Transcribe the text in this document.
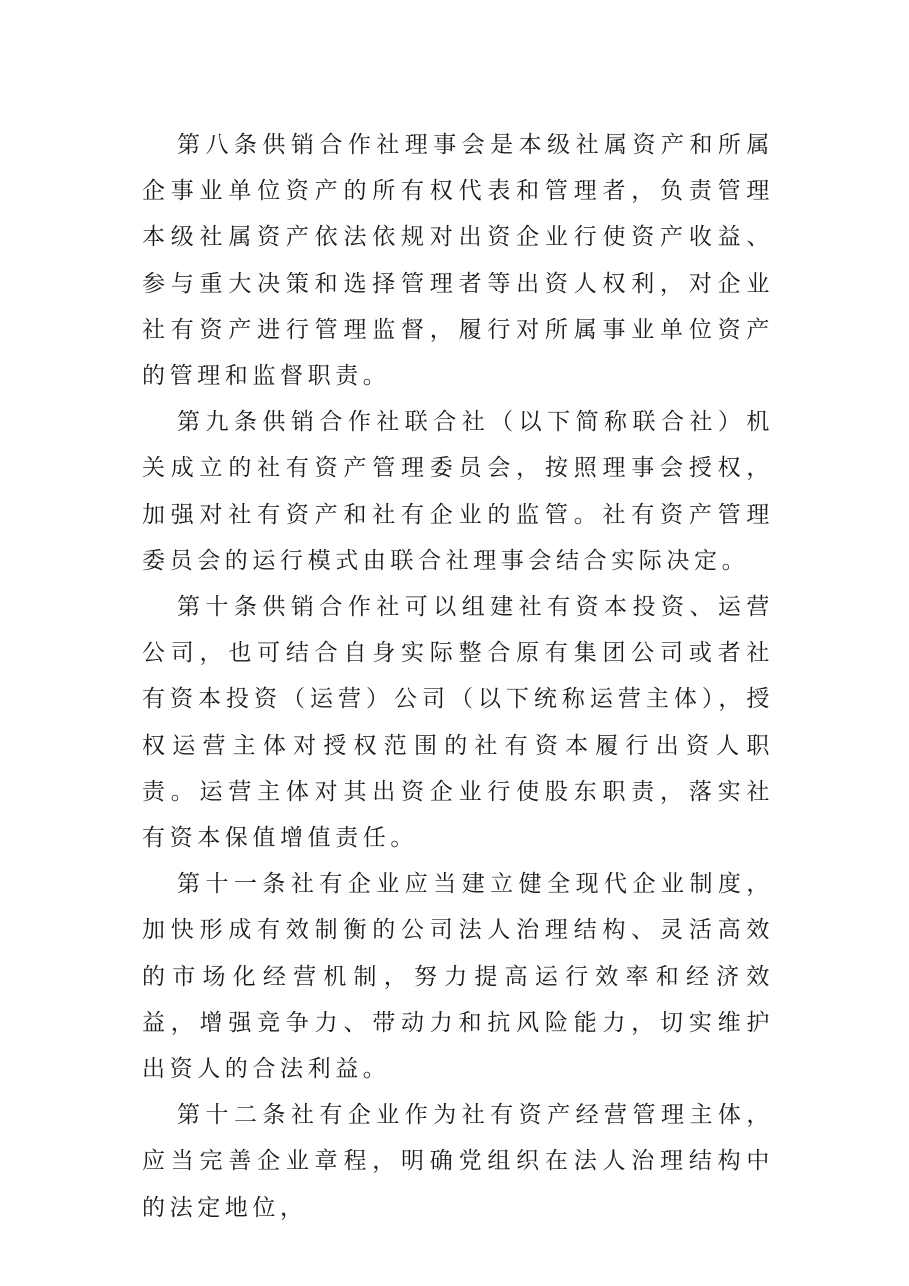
第八条供销合作社理事会是本级社属资产和所属企事业单位资产的所有权代表和管理者，负责管理本级社属资产依法依规对出资企业行使资产收益、参与重大决策和选择管理者等出资人权利，对企业社有资产进行管理监督，履行对所属事业单位资产的管理和监督职责。

第九条供销合作社联合社（以下简称联合社）机关成立的社有资产管理委员会，按照理事会授权，加强对社有资产和社有企业的监管。社有资产管理委员会的运行模式由联合社理事会结合实际决定。

第十条供销合作社可以组建社有资本投资、运营公司，也可结合自身实际整合原有集团公司或者社有资本投资（运营）公司（以下统称运营主体），授权运营主体对授权范围的社有资本履行出资人职责。运营主体对其出资企业行使股东职责，落实社有资本保值增值责任。

第十一条社有企业应当建立健全现代企业制度，加快形成有效制衡的公司法人治理结构、灵活高效的市场化经营机制，努力提高运行效率和经济效益，增强竞争力、带动力和抗风险能力，切实维护出资人的合法利益。

第十二条社有企业作为社有资产经营管理主体，应当完善企业章程，明确党组织在法人治理结构中的法定地位，
